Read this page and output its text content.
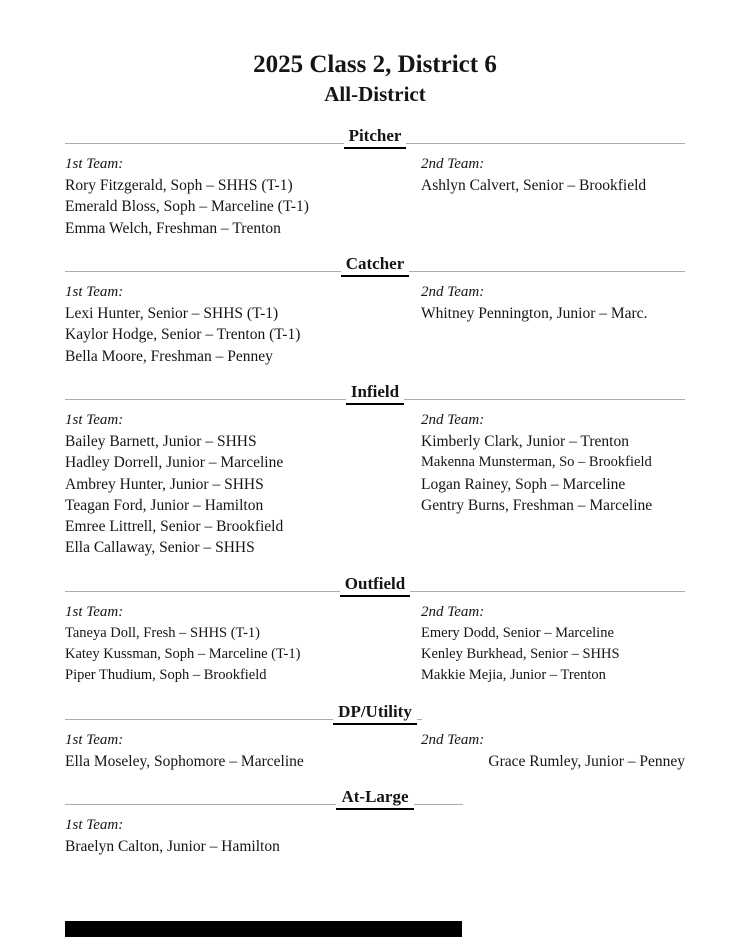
2025 Class 2, District 6
All-District
Pitcher
1st Team:
Rory Fitzgerald, Soph – SHHS (T-1)
Emerald Bloss, Soph – Marceline (T-1)
Emma Welch, Freshman – Trenton
2nd Team:
Ashlyn Calvert, Senior – Brookfield
Catcher
1st Team:
Lexi Hunter, Senior – SHHS (T-1)
Kaylor Hodge, Senior – Trenton (T-1)
Bella Moore, Freshman – Penney
2nd Team:
Whitney Pennington, Junior – Marc.
Infield
1st Team:
Bailey Barnett, Junior – SHHS
Hadley Dorrell, Junior – Marceline
Ambrey Hunter, Junior – SHHS
Teagan Ford, Junior – Hamilton
Emree Littrell, Senior – Brookfield
Ella Callaway, Senior – SHHS
2nd Team:
Kimberly Clark, Junior – Trenton
Makenna Munsterman, So – Brookfield
Logan Rainey, Soph – Marceline
Gentry Burns, Freshman – Marceline
Outfield
1st Team:
Taneya Doll, Fresh – SHHS (T-1)
Katey Kussman, Soph – Marceline (T-1)
Piper Thudium, Soph – Brookfield
2nd Team:
Emery Dodd, Senior – Marceline
Kenley Burkhead, Senior – SHHS
Makkie Mejia, Junior – Trenton
DP/Utility
1st Team:
Ella Moseley, Sophomore – Marceline
2nd Team:
Grace Rumley, Junior – Penney
At-Large
1st Team:
Braelyn Calton, Junior – Hamilton
